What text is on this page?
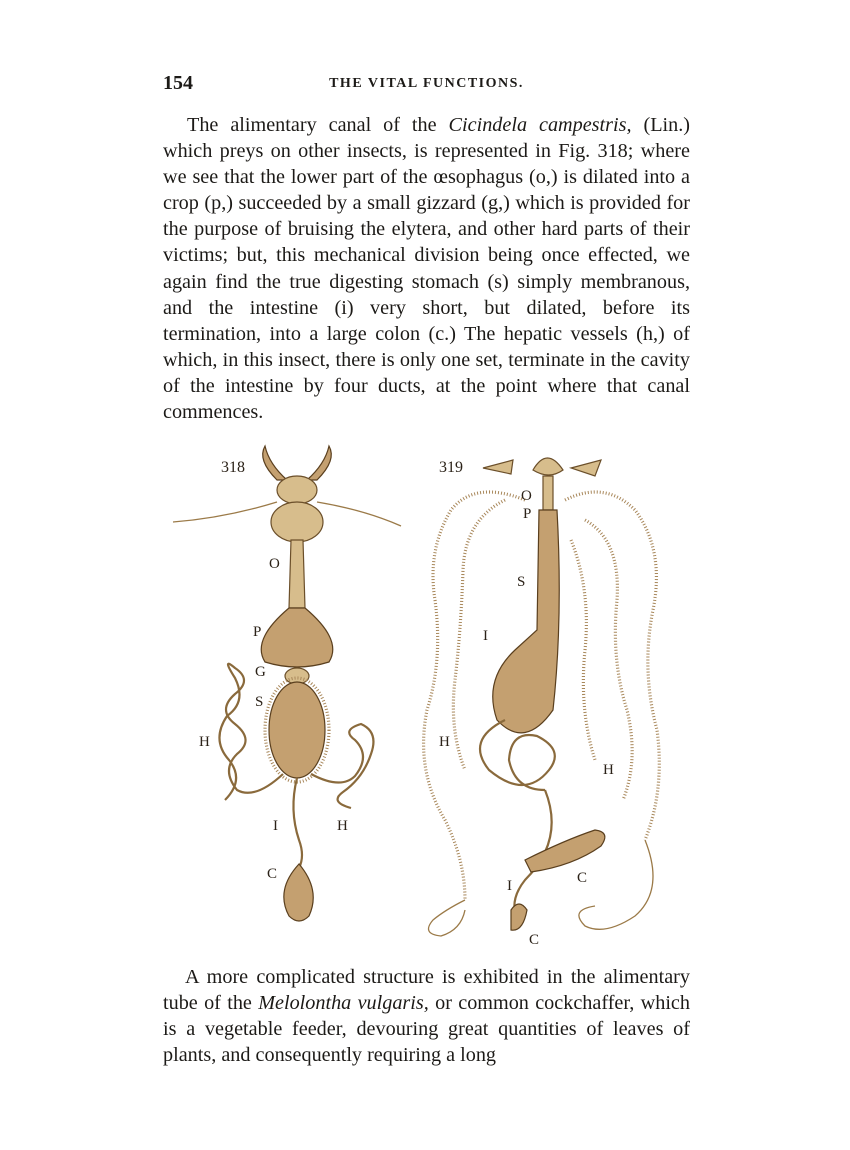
154	THE VITAL FUNCTIONS.

The alimentary canal of the Cicindela campestris, (Lin.) which preys on other insects, is represented in Fig. 318; where we see that the lower part of the œsophagus (o,) is dilated into a crop (p,) succeeded by a small gizzard (g,) which is provided for the purpose of bruising the elytera, and other hard parts of their victims; but, this mechanical division being once effected, we again find the true digesting stomach (s) simply membranous, and the intestine (i) very short, but dilated, before its termination, into a large colon (c.) The hepatic vessels (h,) of which, in this insect, there is only one set, terminate in the cavity of the intestine by four ducts, at the point where that canal commences.

318
O
P
G
S
H
I	H
C
319
O
P
S
I
H
H
I	C
C

A more complicated structure is exhibited in the alimentary tube of the Melolontha vulgaris, or common cockchaffer, which is a vegetable feeder, devouring great quantities of leaves of plants, and consequently requiring a long
